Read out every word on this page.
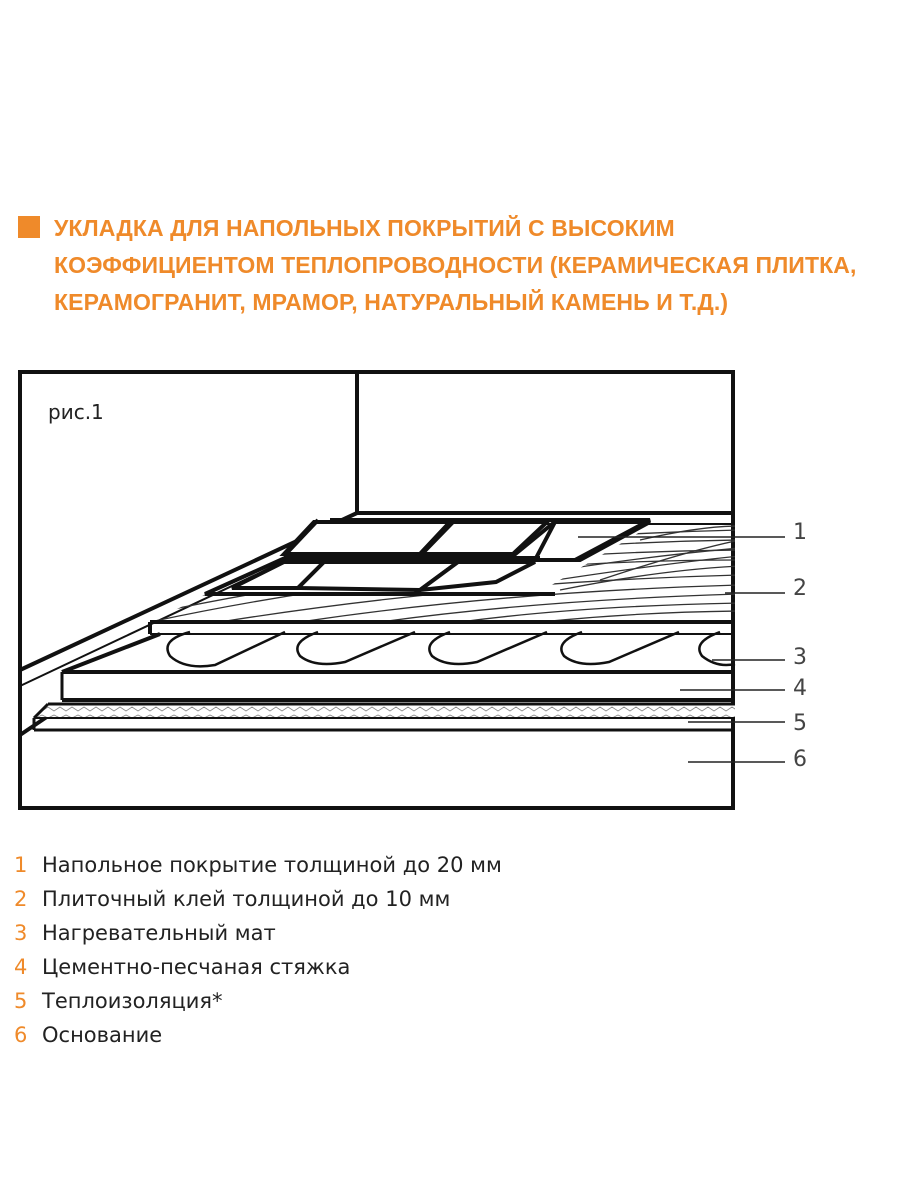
УКЛАДКА ДЛЯ НАПОЛЬНЫХ ПОКРЫТИЙ С ВЫСОКИМ КОЭФФИЦИЕНТОМ ТЕПЛОПРОВОДНОСТИ (КЕРАМИЧЕСКАЯ ПЛИТКА, КЕРАМОГРАНИТ, МРАМОР, НАТУРАЛЬНЫЙ КАМЕНЬ И Т.Д.)
рис.1
1
2
3
4
5
6
1 Напольное покрытие толщиной до 20 мм
2 Плиточный клей толщиной до 10 мм
3 Нагревательный мат
4 Цементно-песчаная стяжка
5 Теплоизоляция*
6 Основание
